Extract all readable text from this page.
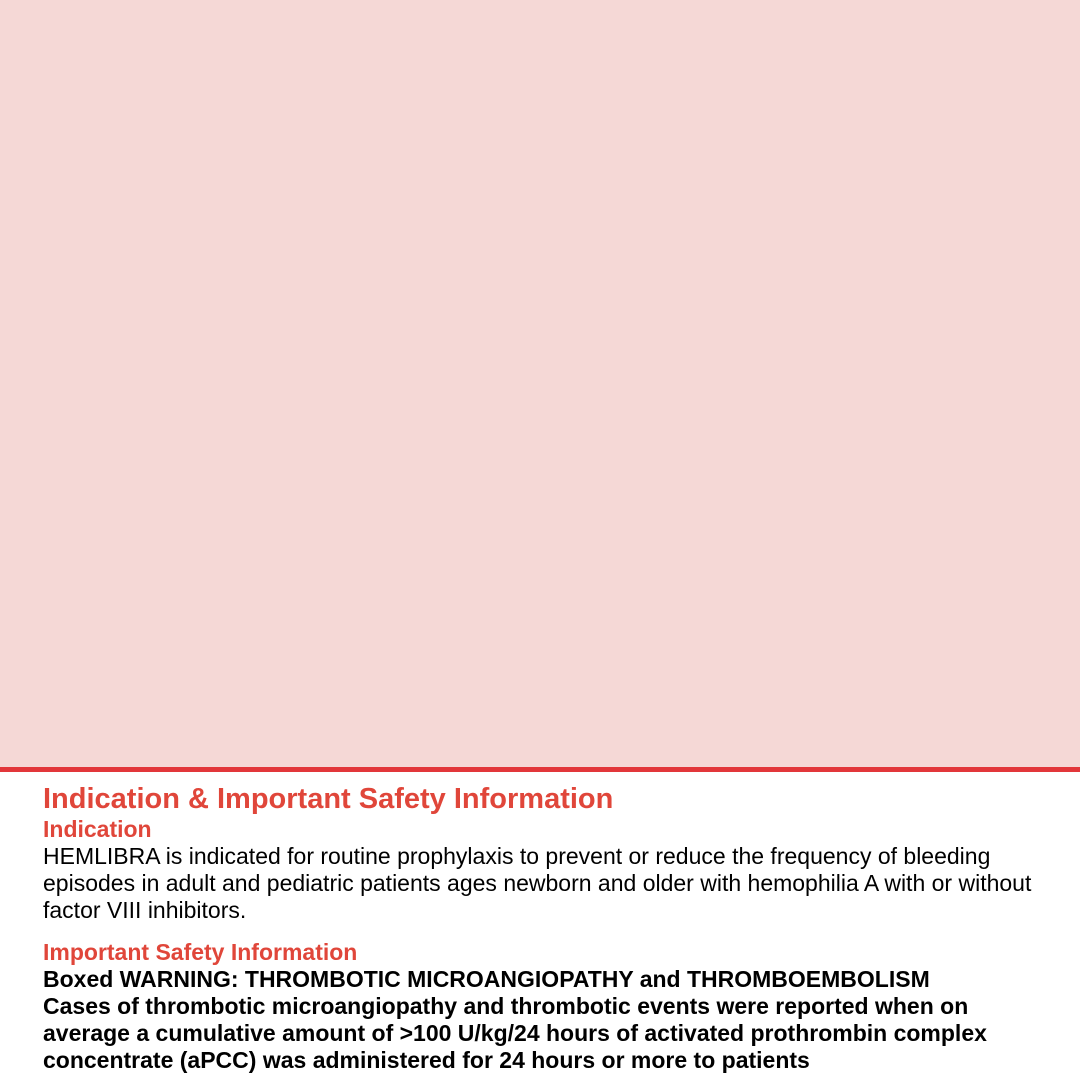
Indication & Important Safety Information
Indication

HEMLIBRA is indicated for routine prophylaxis to prevent or reduce the frequency of bleeding episodes in adult and pediatric patients ages newborn and older with hemophilia A with or without factor VIII inhibitors.

Important Safety Information

Boxed WARNING: THROMBOTIC MICROANGIOPATHY and THROMBOEMBOLISM

Cases of thrombotic microangiopathy and thrombotic events were reported when on average a cumulative amount of >100 U/kg/24 hours of activated prothrombin complex concentrate (aPCC) was administered for 24 hours or more to patients
